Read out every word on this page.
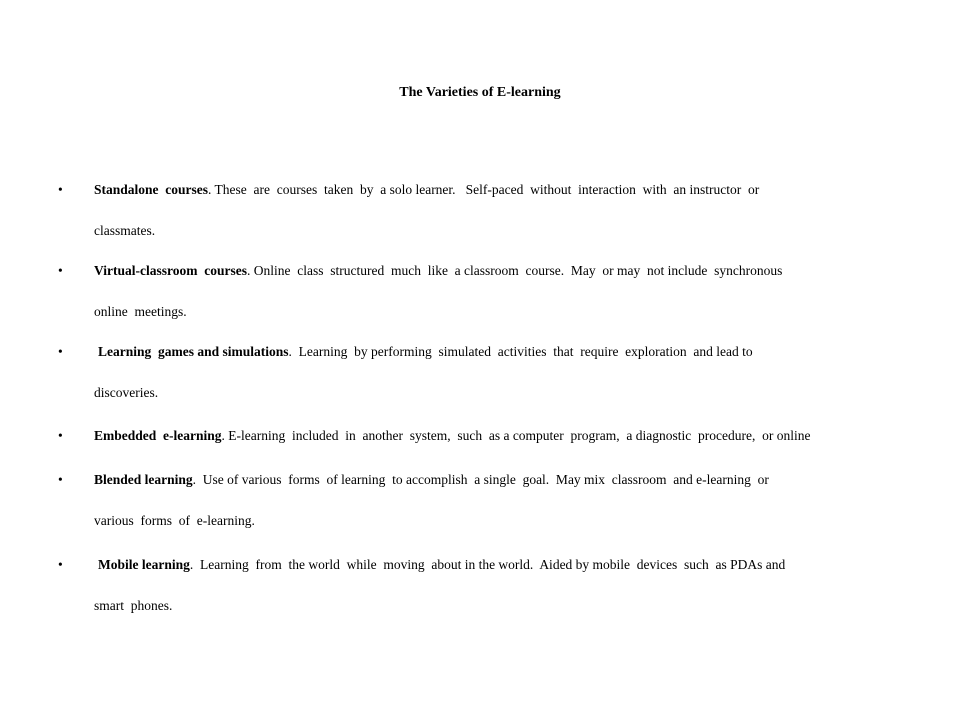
The Varieties of E-learning
•	Standalone  courses. These  are  courses  taken  by  a solo learner.   Self-paced  without  interaction  with  an instructor  or
classmates.
•	Virtual-classroom  courses. Online  class  structured  much  like  a classroom  course.  May  or may  not include  synchronous
online  meetings.
•	Learning  games and simulations.  Learning  by performing  simulated  activities  that  require  exploration  and lead to
discoveries.
•	Embedded  e-learning. E-learning  included  in  another  system,  such  as a computer  program,  a diagnostic  procedure,  or online
•	Blended learning.  Use of various  forms  of learning  to accomplish  a single  goal.  May mix  classroom  and e-learning  or
various  forms  of  e-learning.
•	Mobile learning.  Learning  from  the world  while  moving  about in the world.  Aided by mobile  devices  such  as PDAs and
smart  phones.
